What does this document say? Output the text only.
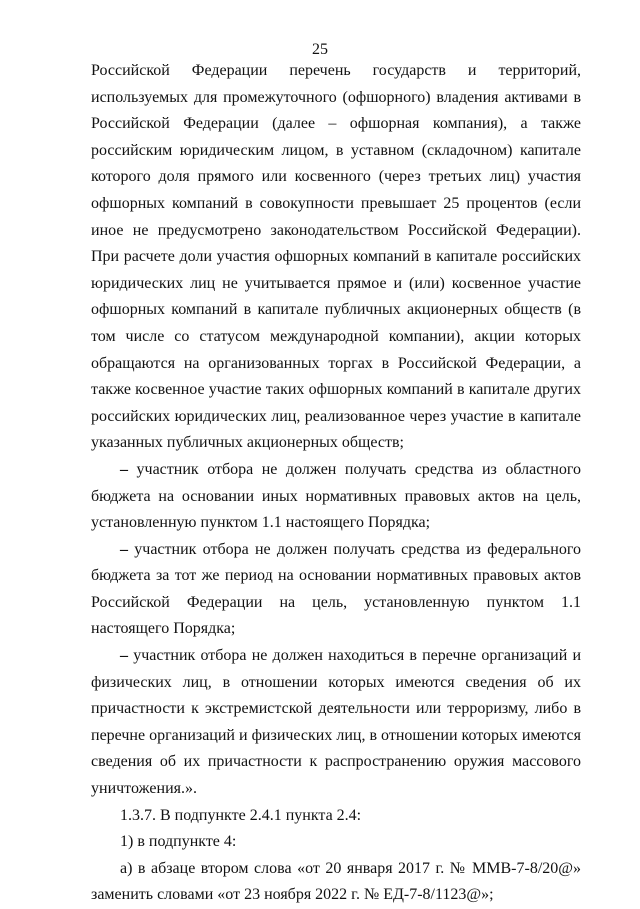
25

Российской Федерации перечень государств и территорий, используемых для промежуточного (офшорного) владения активами в Российской Федерации (далее – офшорная компания), а также российским юридическим лицом, в уставном (складочном) капитале которого доля прямого или косвенного (через третьих лиц) участия офшорных компаний в совокупности превышает 25 процентов (если иное не предусмотрено законодательством Российской Федерации). При расчете доли участия офшорных компаний в капитале российских юридических лиц не учитывается прямое и (или) косвенное участие офшорных компаний в капитале публичных акционерных обществ (в том числе со статусом международной компании), акции которых обращаются на организованных торгах в Российской Федерации, а также косвенное участие таких офшорных компаний в капитале других российских юридических лиц, реализованное через участие в капитале указанных публичных акционерных обществ;

– участник отбора не должен получать средства из областного бюджета на основании иных нормативных правовых актов на цель, установленную пунктом 1.1 настоящего Порядка;

– участник отбора не должен получать средства из федерального бюджета за тот же период на основании нормативных правовых актов Российской Федерации на цель, установленную пунктом 1.1 настоящего Порядка;

– участник отбора не должен находиться в перечне организаций и физических лиц, в отношении которых имеются сведения об их причастности к экстремистской деятельности или терроризму, либо в перечне организаций и физических лиц, в отношении которых имеются сведения об их причастности к распространению оружия массового уничтожения.».

1.3.7. В подпункте 2.4.1 пункта 2.4:

1) в подпункте 4:

а) в абзаце втором слова «от 20 января 2017 г. № ММВ-7-8/20@» заменить словами «от 23 ноября 2022 г. № ЕД-7-8/1123@»;
